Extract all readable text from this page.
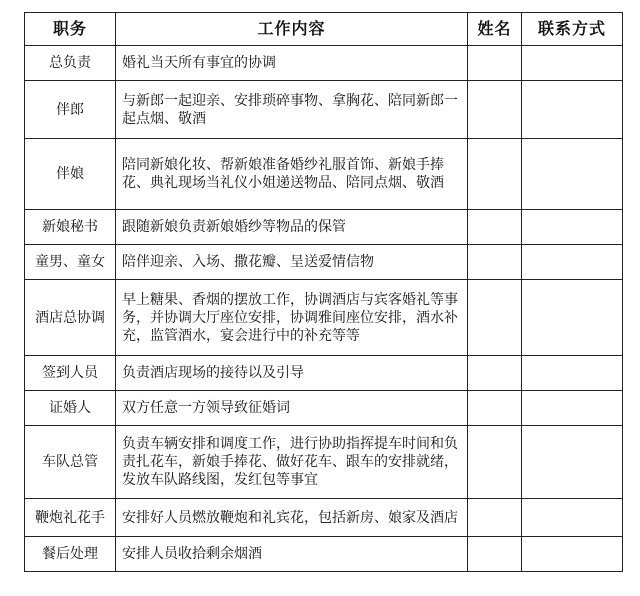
职务	工作内容	姓名	联系方式
总负责	婚礼当天所有事宜的协调		
伴郎	与新郎一起迎亲、安排琐碎事物、拿胸花、陪同新郎一起点烟、敬酒		
伴娘	陪同新娘化妆、帮新娘准备婚纱礼服首饰、新娘手捧花、典礼现场当礼仪小姐递送物品、陪同点烟、敬酒		
新娘秘书	跟随新娘负责新娘婚纱等物品的保管		
童男、童女	陪伴迎亲、入场、撒花瓣、呈送爱情信物		
酒店总协调	早上糖果、香烟的摆放工作，协调酒店与宾客婚礼等事务，并协调大厅座位安排，协调雅间座位安排，酒水补充，监管酒水，宴会进行中的补充等等		
签到人员	负责酒店现场的接待以及引导		
证婚人	双方任意一方领导致征婚词		
车队总管	负责车辆安排和调度工作，进行协助指挥提车时间和负责扎花车，新娘手捧花、做好花车、跟车的安排就绪，发放车队路线图，发红包等事宜		
鞭炮礼花手	安排好人员燃放鞭炮和礼宾花，包括新房、娘家及酒店		
餐后处理	安排人员收拾剩余烟酒		
